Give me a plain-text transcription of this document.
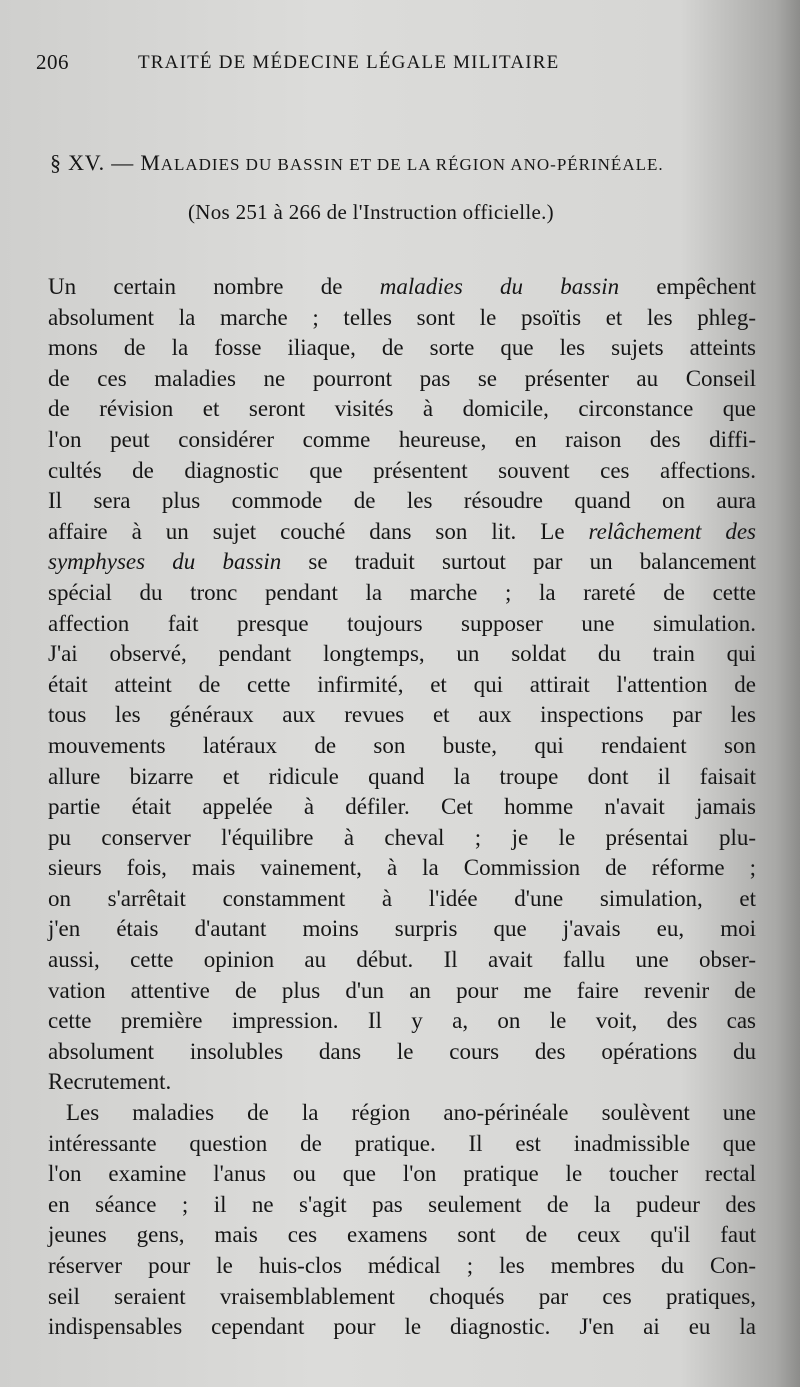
206	TRAITÉ DE MÉDECINE LÉGALE MILITAIRE
§ XV. — MALADIES DU BASSIN ET DE LA RÉGION ANO-PÉRINÉALE.
(Nos 251 à 266 de l'Instruction officielle.)
Un certain nombre de maladies du bassin empêchent
absolument la marche ; telles sont le psoïtis et les phleg-
mons de la fosse iliaque, de sorte que les sujets atteints
de ces maladies ne pourront pas se présenter au Conseil
de révision et seront visités à domicile, circonstance que
l'on peut considérer comme heureuse, en raison des diffi-
cultés de diagnostic que présentent souvent ces affections.
Il sera plus commode de les résoudre quand on aura
affaire à un sujet couché dans son lit. Le relâchement des
symphyses du bassin se traduit surtout par un balancement
spécial du tronc pendant la marche ; la rareté de cette
affection fait presque toujours supposer une simulation.
J'ai observé, pendant longtemps, un soldat du train qui
était atteint de cette infirmité, et qui attirait l'attention de
tous les généraux aux revues et aux inspections par les
mouvements latéraux de son buste, qui rendaient son
allure bizarre et ridicule quand la troupe dont il faisait
partie était appelée à défiler. Cet homme n'avait jamais
pu conserver l'équilibre à cheval ; je le présentai plu-
sieurs fois, mais vainement, à la Commission de réforme ;
on s'arrêtait constamment à l'idée d'une simulation, et
j'en étais d'autant moins surpris que j'avais eu, moi
aussi, cette opinion au début. Il avait fallu une obser-
vation attentive de plus d'un an pour me faire revenir de
cette première impression. Il y a, on le voit, des cas
absolument insolubles dans le cours des opérations du
Recrutement.
Les maladies de la région ano-périnéale soulèvent une
intéressante question de pratique. Il est inadmissible que
l'on examine l'anus ou que l'on pratique le toucher rectal
en séance ; il ne s'agit pas seulement de la pudeur des
jeunes gens, mais ces examens sont de ceux qu'il faut
réserver pour le huis-clos médical ; les membres du Con-
seil seraient vraisemblablement choqués par ces pratiques,
indispensables cependant pour le diagnostic. J'en ai eu la
